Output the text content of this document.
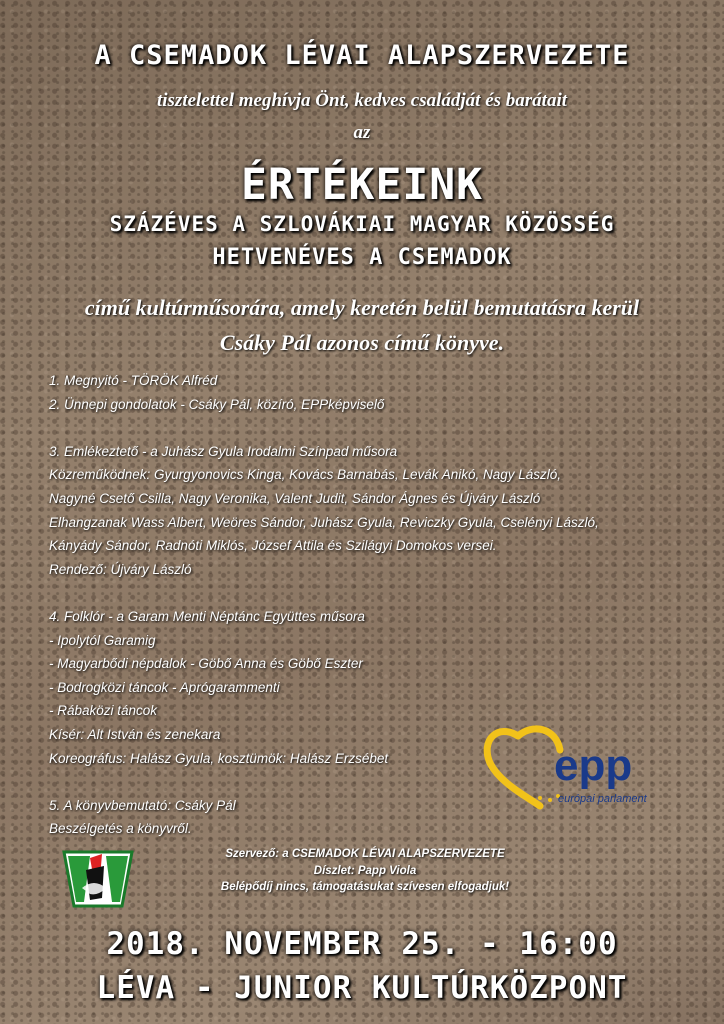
A CSEMADOK LÉVAI ALAPSZERVEZETE
tisztelettel meghívja Önt, kedves családját és barátait
az
ÉRTÉKEINK
SZÁZÉVES A SZLOVÁKIAI MAGYAR KÖZÖSSÉG
HETVENÉVES A CSEMADOK
című kultúrműsorára, amely keretén belül bemutatásra kerül
Csáky Pál azonos című könyve.
1. Megnyitó - TÖRÖK Alfréd
2. Ünnepi gondolatok - Csáky Pál, közíró, EPPképviselő
3. Emlékeztető - a Juhász Gyula Irodalmi Színpad műsora
Közreműködnek: Gyurgyonovics Kinga, Kovács Barnabás, Levák Anikó, Nagy László,
Nagyné Csető Csilla, Nagy Veronika, Valent Judit, Sándor Ágnes és Újváry László
Elhangzanak Wass Albert, Weöres Sándor, Juhász Gyula, Reviczky Gyula, Cselényi László,
Kányády Sándor, Radnóti Miklós, József Attila és Szilágyi Domokos versei.
Rendező: Újváry László
4. Folklór - a Garam Menti Néptánc Együttes műsora
- Ipolytól Garamig
- Magyarbődi népdalok - Göbő Anna és Göbő Eszter
- Bodrogközi táncok - Aprógarammenti
- Rábaközi táncok
Kísér: Alt István és zenekara
Koreográfus: Halász Gyula, kosztümök: Halász Erzsébet
5. A könyvbemutató: Csáky Pál
Beszélgetés a könyvről.
epp
európai parlament
Szervező: a CSEMADOK LÉVAI ALAPSZERVEZETE
Díszlet: Papp Viola
Belépődíj nincs, támogatásukat szívesen elfogadjuk!
2018. NOVEMBER 25. - 16:00
LÉVA - JUNIOR KULTÚRKÖZPONT
